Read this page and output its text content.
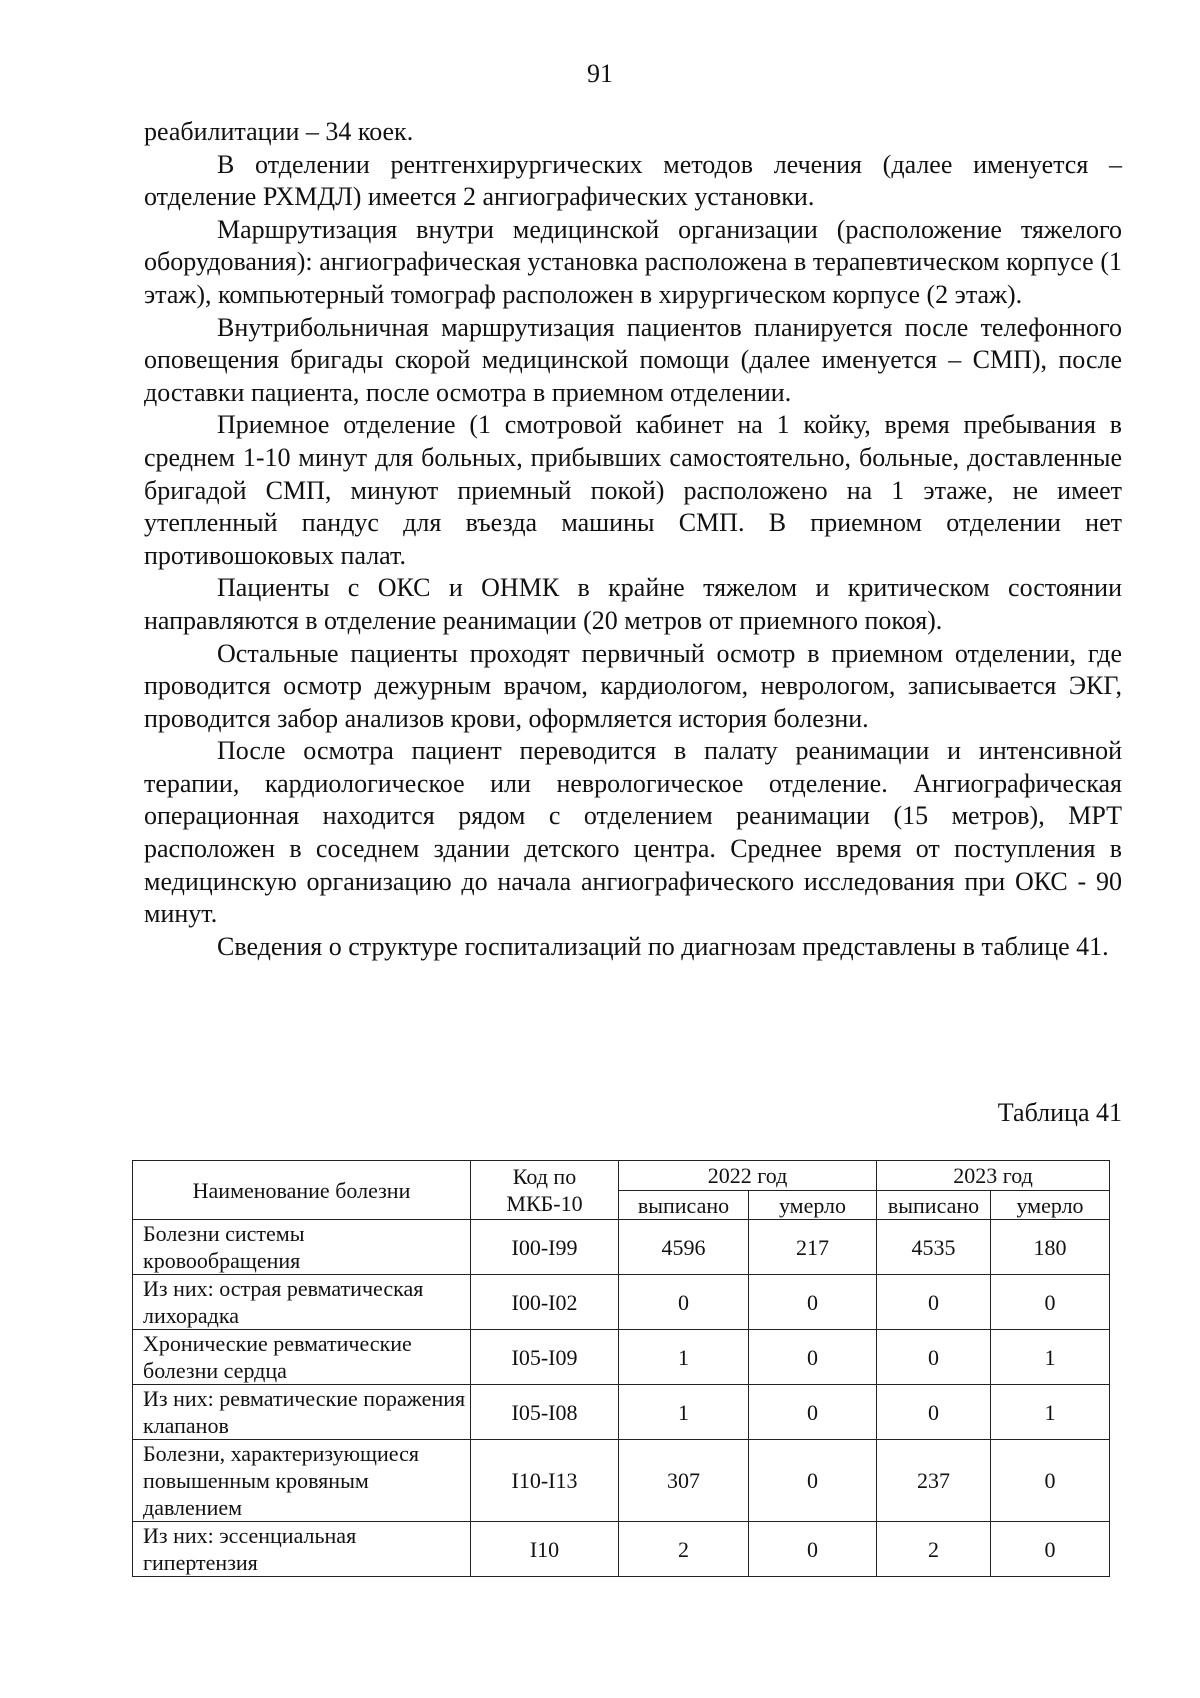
91

реабилитации – 34 коек.

В отделении рентгенхирургических методов лечения (далее именуется – отделение РХМДЛ) имеется 2 ангиографических установки.

Маршрутизация внутри медицинской организации (расположение тяжелого оборудования): ангиографическая установка расположена в терапевтическом корпусе (1 этаж), компьютерный томограф расположен в хирургическом корпусе (2 этаж).

Внутрибольничная маршрутизация пациентов планируется после телефонного оповещения бригады скорой медицинской помощи (далее именуется – СМП), после доставки пациента, после осмотра в приемном отделении.

Приемное отделение (1 смотровой кабинет на 1 койку, время пребывания в среднем 1-10 минут для больных, прибывших самостоятельно, больные, доставленные бригадой СМП, минуют приемный покой) расположено на 1 этаже, не имеет утепленный пандус для въезда машины СМП. В приемном отделении нет противошоковых палат.

Пациенты с ОКС и ОНМК в крайне тяжелом и критическом состоянии направляются в отделение реанимации (20 метров от приемного покоя).

Остальные пациенты проходят первичный осмотр в приемном отделении, где проводится осмотр дежурным врачом, кардиологом, неврологом, записывается ЭКГ, проводится забор анализов крови, оформляется история болезни.

После осмотра пациент переводится в палату реанимации и интенсивной терапии, кардиологическое или неврологическое отделение. Ангиографическая операционная находится рядом с отделением реанимации (15 метров), МРТ расположен в соседнем здании детского центра. Среднее время от поступления в медицинскую организацию до начала ангиографического исследования при ОКС - 90 минут.

Сведения о структуре госпитализаций по диагнозам представлены в таблице 41.

Таблица 41
Наименование болезни	Код по МКБ-10	2022 год		2023 год	
		выписано	умерло	выписано	умерло
Болезни системы кровообращения	I00-I99	4596	217	4535	180
Из них: острая ревматическая лихорадка	I00-I02	0	0	0	0
Хронические ревматические болезни сердца	I05-I09	1	0	0	1
Из них: ревматические поражения клапанов	I05-I08	1	0	0	1
Болезни, характеризующиеся повышенным кровяным давлением	I10-I13	307	0	237	0
Из них: эссенциальная гипертензия	I10	2	0	2	0
